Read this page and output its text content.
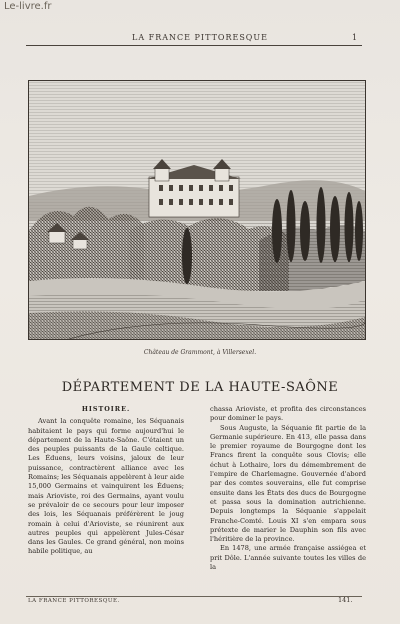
Le-livre.fr
LA FRANCE PITTORESQUE	1
Château de Grammont, à Villersexel.
DÉPARTEMENT DE LA HAUTE-SAÔNE
HISTOIRE.

Avant la conquête romaine, les Séquanais habitaient le pays qui forme aujourd'hui le département de la Haute-Saône. C'étaient un des peuples puissants de la Gaule celtique. Les Éduens, leurs voisins, jaloux de leur puissance, contractèrent alliance avec les Romains; les Séquanais appelèrent à leur aide 15,000 Germains et vainquirent les Éduens; mais Arioviste, roi des Germains, ayant voulu se prévaloir de ce secours pour leur imposer des lois, les Séquanais préférèrent le joug romain à celui d'Arioviste, se réunirent aux autres peuples qui appelèrent Jules-César dans les Gaules. Ce grand général, non moins habile politique, au

chassa Arioviste, et profita des circonstances pour dominer le pays.

Sous Auguste, la Séquanie fit partie de la Germanie supérieure. En 413, elle passa dans le premier royaume de Bourgogne dont les Francs firent la conquête sous Clovis; elle échut à Lothaire, lors du démembrement de l'empire de Charlemagne. Gouvernée d'abord par des comtes souverains, elle fut comprise ensuite dans les États des ducs de Bourgogne et passa sous la domination autrichienne. Depuis longtemps la Séquanie s'appelait Franche-Comté. Louis XI s'en empara sous prétexte de marier le Dauphin son fils avec l'héritière de la province.

En 1478, une armée française assiégea et prit Dôle. L'année suivante toutes les villes de la

LA FRANCE PITTORESQUE.	141.
